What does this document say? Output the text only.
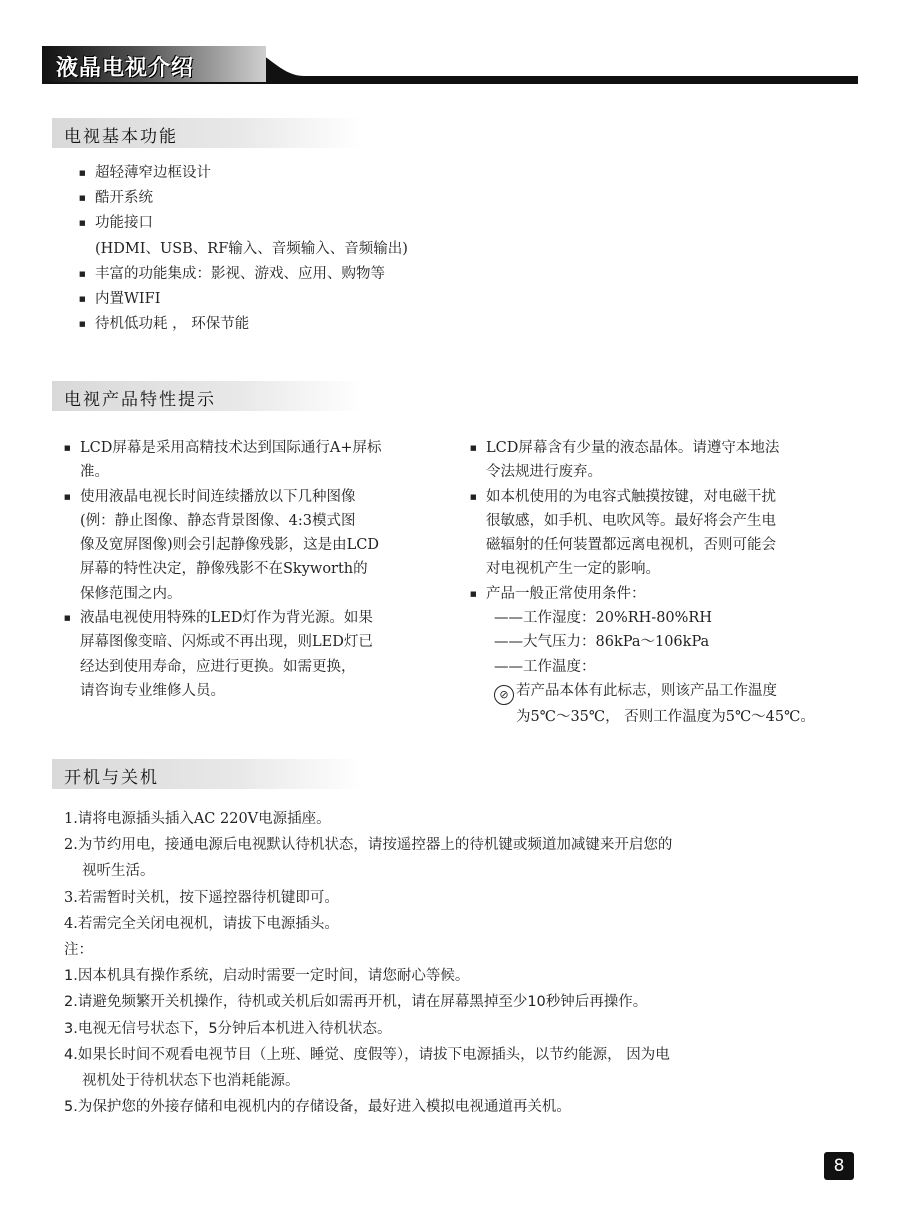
液晶电视介绍
电视基本功能
■ 超轻薄窄边框设计
■ 酷开系统
■ 功能接口
(HDMI、USB、RF输入、音频输入、音频输出)
■ 丰富的功能集成：影视、游戏、应用、购物等
■ 内置WIFI
■ 待机低功耗 ， 环保节能
电视产品特性提示
■ LCD屏幕是采用高精技术达到国际通行A+屏标
准。
■ 使用液晶电视长时间连续播放以下几种图像
(例：静止图像、静态背景图像、4:3模式图
像及宽屏图像)则会引起静像残影，这是由LCD
屏幕的特性决定，静像残影不在Skyworth的
保修范围之内。
■ 液晶电视使用特殊的LED灯作为背光源。如果
屏幕图像变暗、闪烁或不再出现，则LED灯已
经达到使用寿命，应进行更换。如需更换，
请咨询专业维修人员。
■ LCD屏幕含有少量的液态晶体。请遵守本地法
令法规进行废弃。
■ 如本机使用的为电容式触摸按键，对电磁干扰
很敏感，如手机、电吹风等。最好将会产生电
磁辐射的任何装置都远离电视机，否则可能会
对电视机产生一定的影响。
■ 产品一般正常使用条件：
——工作湿度：20%RH-80%RH
——大气压力：86kPa～106kPa
——工作温度：
⊘ 若产品本体有此标志，则该产品工作温度
为5℃～35℃， 否则工作温度为5℃～45℃。
开机与关机
1.请将电源插头插入AC 220V电源插座。
2.为节约用电，接通电源后电视默认待机状态，请按遥控器上的待机键或频道加减键来开启您的
视听生活。
3.若需暂时关机，按下遥控器待机键即可。
4.若需完全关闭电视机，请拔下电源插头。
注：
1.因本机具有操作系统，启动时需要一定时间，请您耐心等候。
2.请避免频繁开关机操作，待机或关机后如需再开机，请在屏幕黑掉至少10秒钟后再操作。
3.电视无信号状态下，5分钟后本机进入待机状态。
4.如果长时间不观看电视节目（上班、睡觉、度假等），请拔下电源插头，以节约能源， 因为电
视机处于待机状态下也消耗能源。
5.为保护您的外接存储和电视机内的存储设备，最好进入模拟电视通道再关机。
8
